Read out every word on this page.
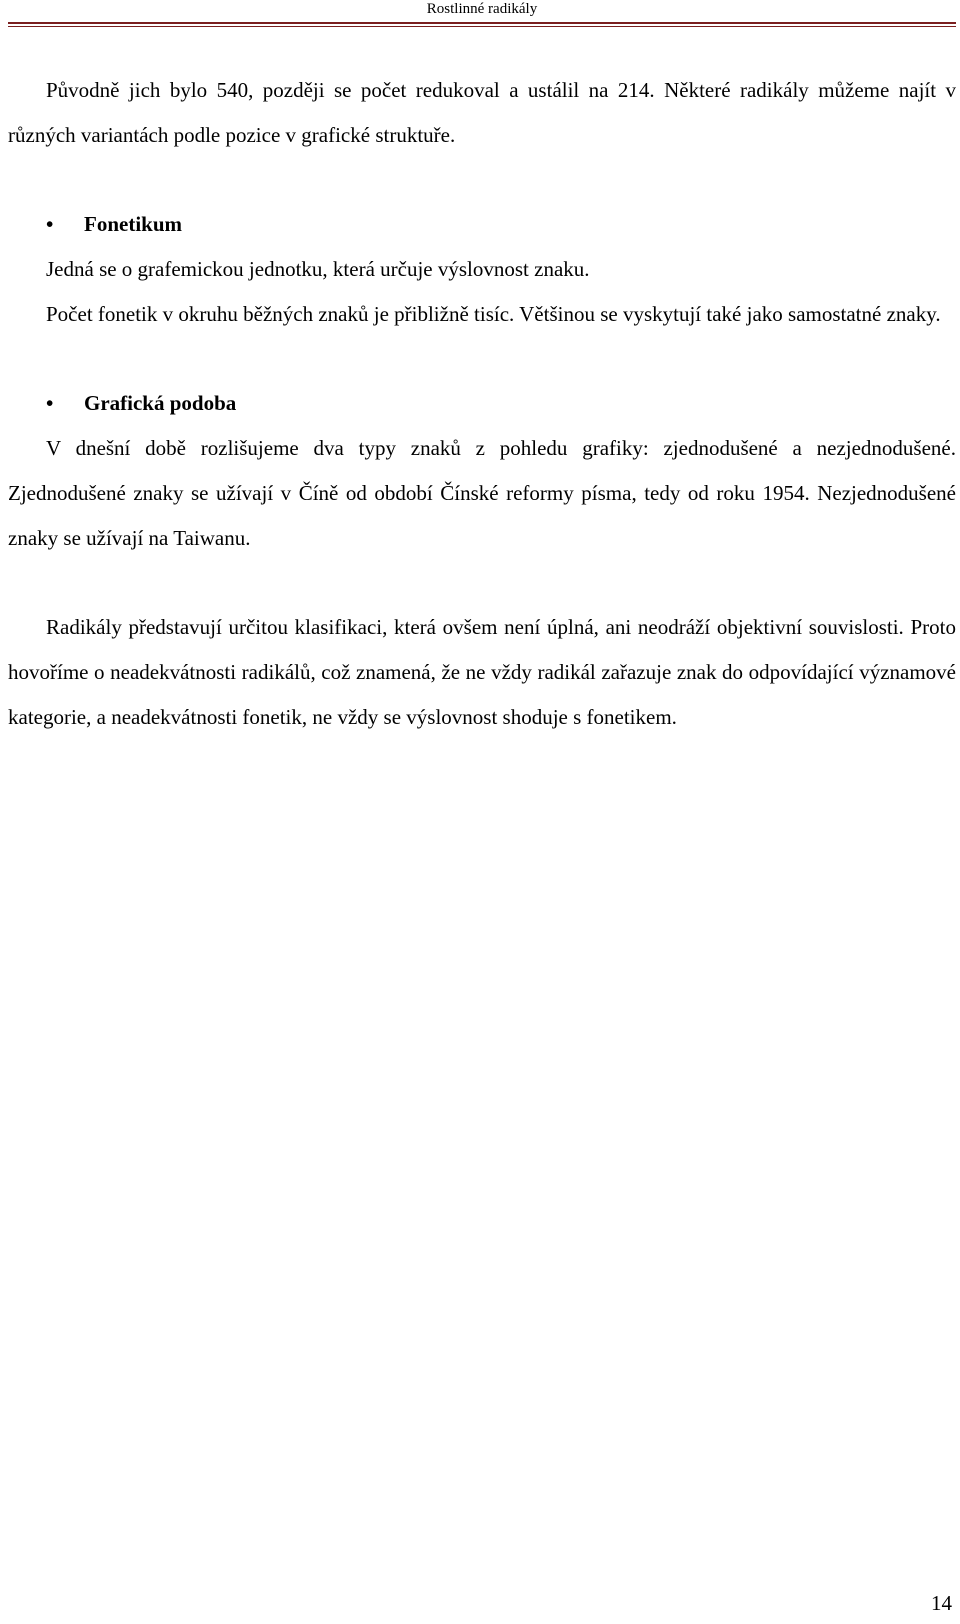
Rostlinné radikály

Původně jich bylo 540, později se počet redukoval a ustálil na 214. Některé radikály můžeme najít v různých variantách podle pozice v grafické struktuře.

•	Fonetikum

Jedná se o grafemickou jednotku, která určuje výslovnost znaku.

Počet fonetik v okruhu běžných znaků je přibližně tisíc. Většinou se vyskytují také jako samostatné znaky.

•	Grafická podoba

V dnešní době rozlišujeme dva typy znaků z pohledu grafiky: zjednodušené a nezjednodušené. Zjednodušené znaky se užívají v Číně od období Čínské reformy písma, tedy od roku 1954. Nezjednodušené znaky se užívají na Taiwanu.

Radikály představují určitou klasifikaci, která ovšem není úplná, ani neodráží objektivní souvislosti. Proto hovoříme o neadekvátnosti radikálů, což znamená, že ne vždy radikál zařazuje znak do odpovídající významové kategorie, a neadekvátnosti fonetik, ne vždy se výslovnost shoduje s fonetikem.

14
